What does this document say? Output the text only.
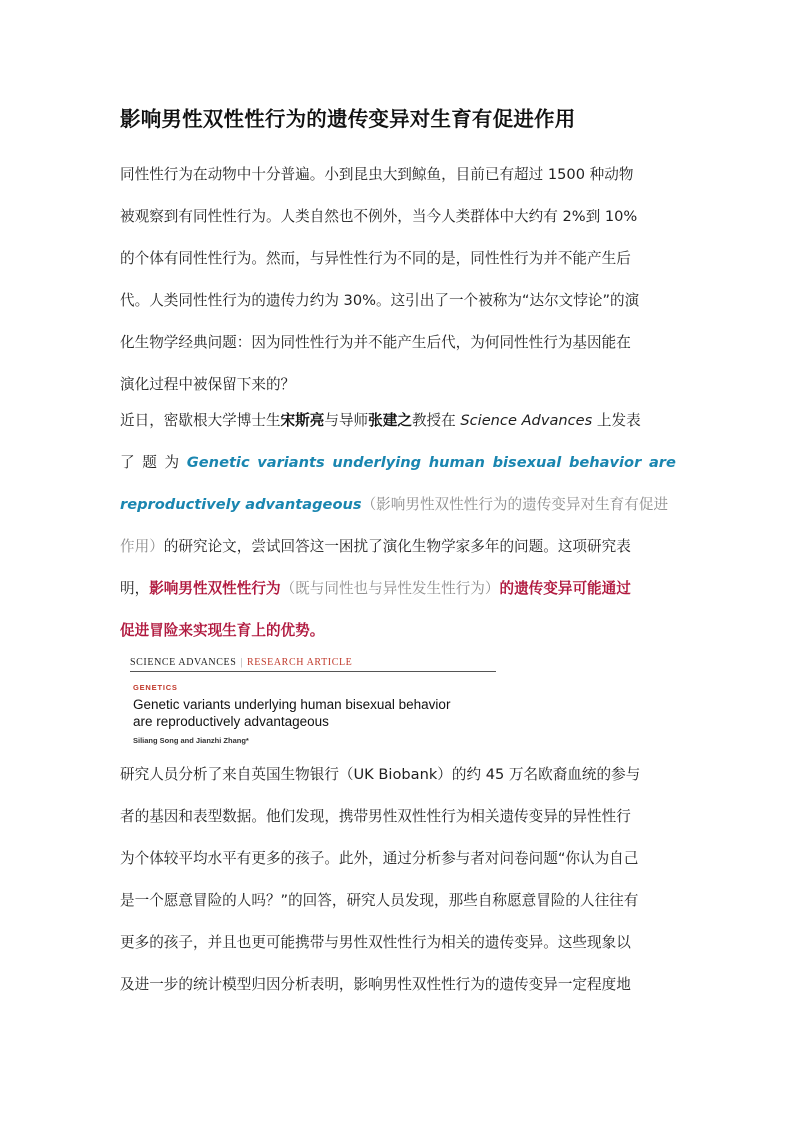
影响男性双性性行为的遗传变异对生育有促进作用
同性性行为在动物中十分普遍。小到昆虫大到鲸鱼，目前已有超过 1500 种动物
被观察到有同性性行为。人类自然也不例外，当今人类群体中大约有 2%到 10%
的个体有同性性行为。然而，与异性性行为不同的是，同性性行为并不能产生后
代。人类同性性行为的遗传力约为 30%。这引出了一个被称为“达尔文悖论”的演
化生物学经典问题：因为同性性行为并不能产生后代，为何同性性行为基因能在
演化过程中被保留下来的？
近日，密歇根大学博士生宋斯亮与导师张建之教授在 Science Advances 上发表
了 题 为 Genetic variants underlying human bisexual behavior are
reproductively advantageous（影响男性双性性行为的遗传变异对生育有促进
作用）的研究论文，尝试回答这一困扰了演化生物学家多年的问题。这项研究表
明，影响男性双性性行为（既与同性也与异性发生性行为）的遗传变异可能通过
促进冒险来实现生育上的优势。
SCIENCE ADVANCES | RESEARCH ARTICLE
GENETICS
Genetic variants underlying human bisexual behavior
are reproductively advantageous
Siliang Song and Jianzhi Zhang*
研究人员分析了来自英国生物银行（UK Biobank）的约 45 万名欧裔血统的参与
者的基因和表型数据。他们发现，携带男性双性性行为相关遗传变异的异性性行
为个体较平均水平有更多的孩子。此外，通过分析参与者对问卷问题“你认为自己
是一个愿意冒险的人吗？”的回答，研究人员发现，那些自称愿意冒险的人往往有
更多的孩子，并且也更可能携带与男性双性性行为相关的遗传变异。这些现象以
及进一步的统计模型归因分析表明，影响男性双性性行为的遗传变异一定程度地
